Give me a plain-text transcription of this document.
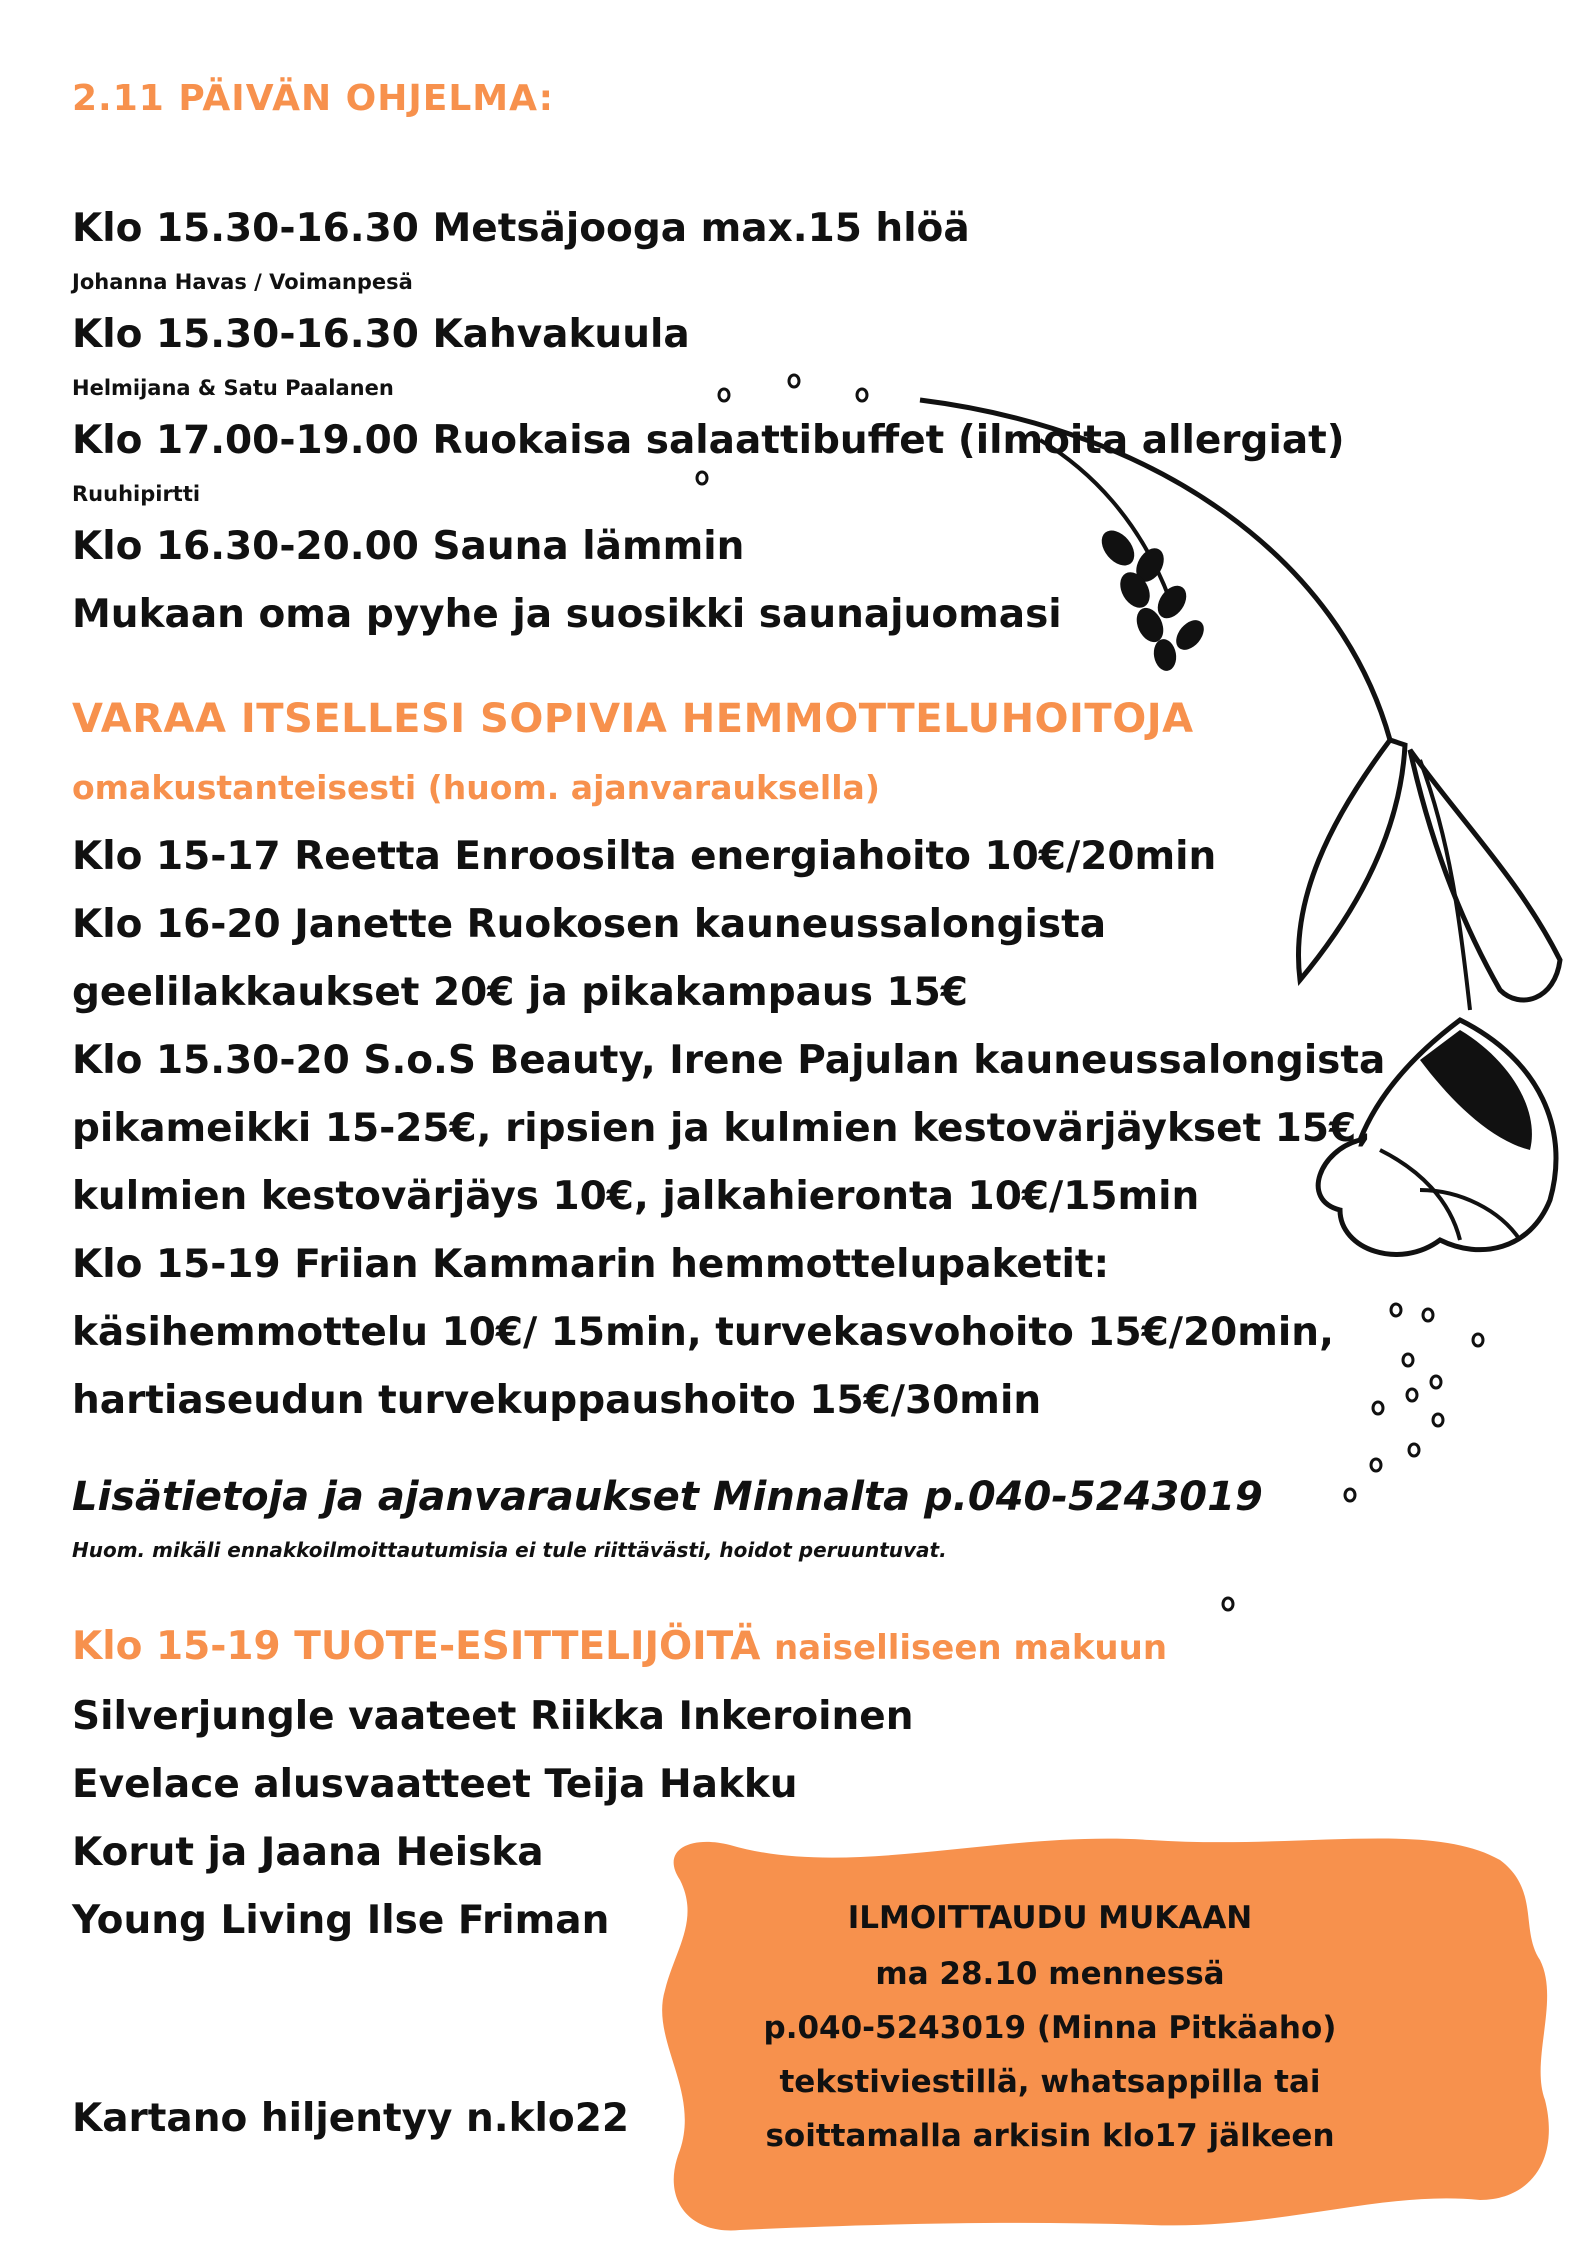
2.11 PÄIVÄN OHJELMA:
Klo 15.30-16.30 Metsäjooga max.15 hlöä
Johanna Havas / Voimanpesä
Klo 15.30-16.30 Kahvakuula
Helmijana & Satu Paalanen
Klo 17.00-19.00 Ruokaisa salaattibuffet (ilmoita allergiat)
Ruuhipirtti
Klo 16.30-20.00 Sauna lämmin
Mukaan oma pyyhe ja suosikki saunajuomasi
VARAA ITSELLESI SOPIVIA HEMMOTTELUHOITOJA
omakustanteisesti (huom. ajanvarauksella)
Klo 15-17 Reetta Enroosilta energiahoito 10€/20min
Klo 16-20 Janette Ruokosen kauneussalongista
geelilakkaukset 20€ ja pikakampaus 15€
Klo 15.30-20 S.o.S Beauty, Irene Pajulan kauneussalongista
pikameikki 15-25€, ripsien ja kulmien kestovärjäykset 15€,
kulmien kestovärjäys 10€, jalkahieronta 10€/15min
Klo 15-19 Friian Kammarin hemmottelupaketit:
käsihemmottelu 10€/ 15min, turvekasvohoito 15€/20min,
hartiaseudun turvekuppaushoito 15€/30min
Lisätietoja ja ajanvaraukset Minnalta p.040-5243019
Huom. mikäli ennakkoilmoittautumisia ei tule riittävästi, hoidot peruuntuvat.
Klo 15-19 TUOTE-ESITTELIJÖITÄ naiselliseen makuun
Silverjungle vaateet Riikka Inkeroinen
Evelace alusvaatteet Teija Hakku
Korut ja Jaana Heiska
Young Living Ilse Friman
Kartano hiljentyy n.klo22
ILMOITTAUDU MUKAAN
ma 28.10 mennessä
p.040-5243019 (Minna Pitkäaho)
tekstiviestillä, whatsappilla tai
soittamalla arkisin klo17 jälkeen
